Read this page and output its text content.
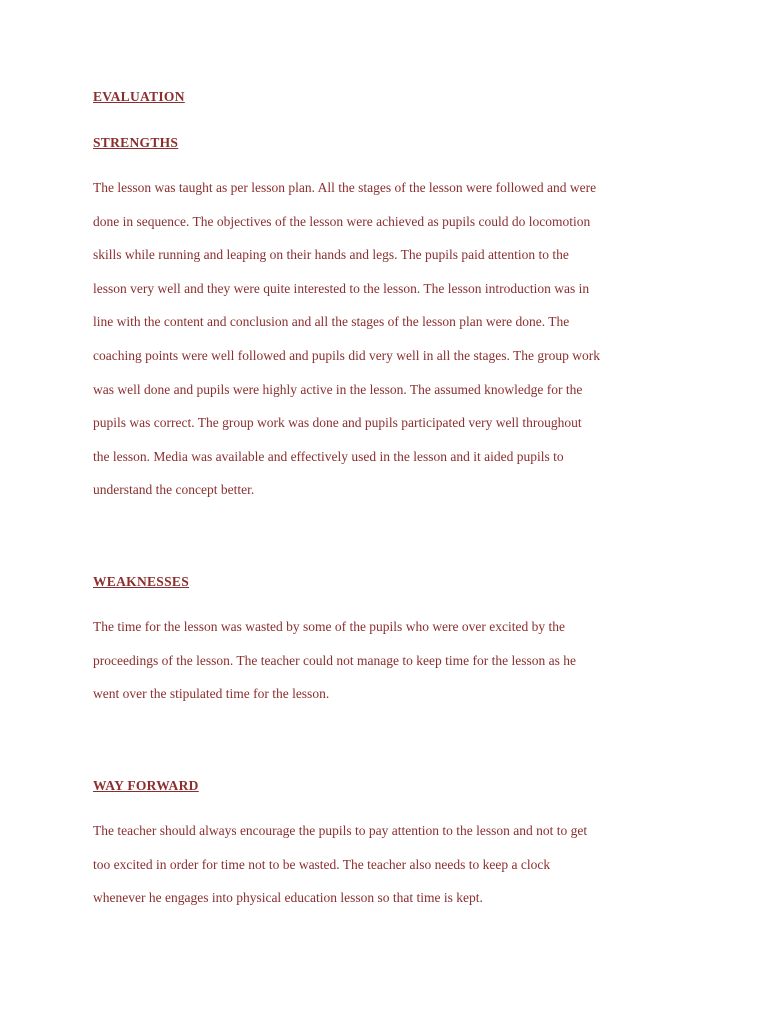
EVALUATION
STRENGTHS

The lesson was taught as per lesson plan. All the stages of the lesson were followed and were
done in sequence. The objectives of the lesson were achieved as pupils could do locomotion
skills while running and leaping on their hands and legs. The pupils paid attention to the
lesson very well and they were quite interested to the lesson. The lesson introduction was in
line with the content and conclusion and all the stages of the lesson plan were done. The
coaching points were well followed and pupils did very well in all the stages. The group work
was well done and pupils were highly active in the lesson. The assumed knowledge for the
pupils was correct. The group work was done and pupils participated very well throughout
the lesson. Media was available and effectively used in the lesson and it aided pupils to
understand the concept better.

WEAKNESSES

The time for the lesson was wasted by some of the pupils who were over excited by the
proceedings of the lesson. The teacher could not manage to keep time for the lesson as he
went over the stipulated time for the lesson.

WAY FORWARD

The teacher should always encourage the pupils to pay attention to the lesson and not to get
too excited in order for time not to be wasted. The teacher also needs to keep a clock
whenever he engages into physical education lesson so that time is kept.
